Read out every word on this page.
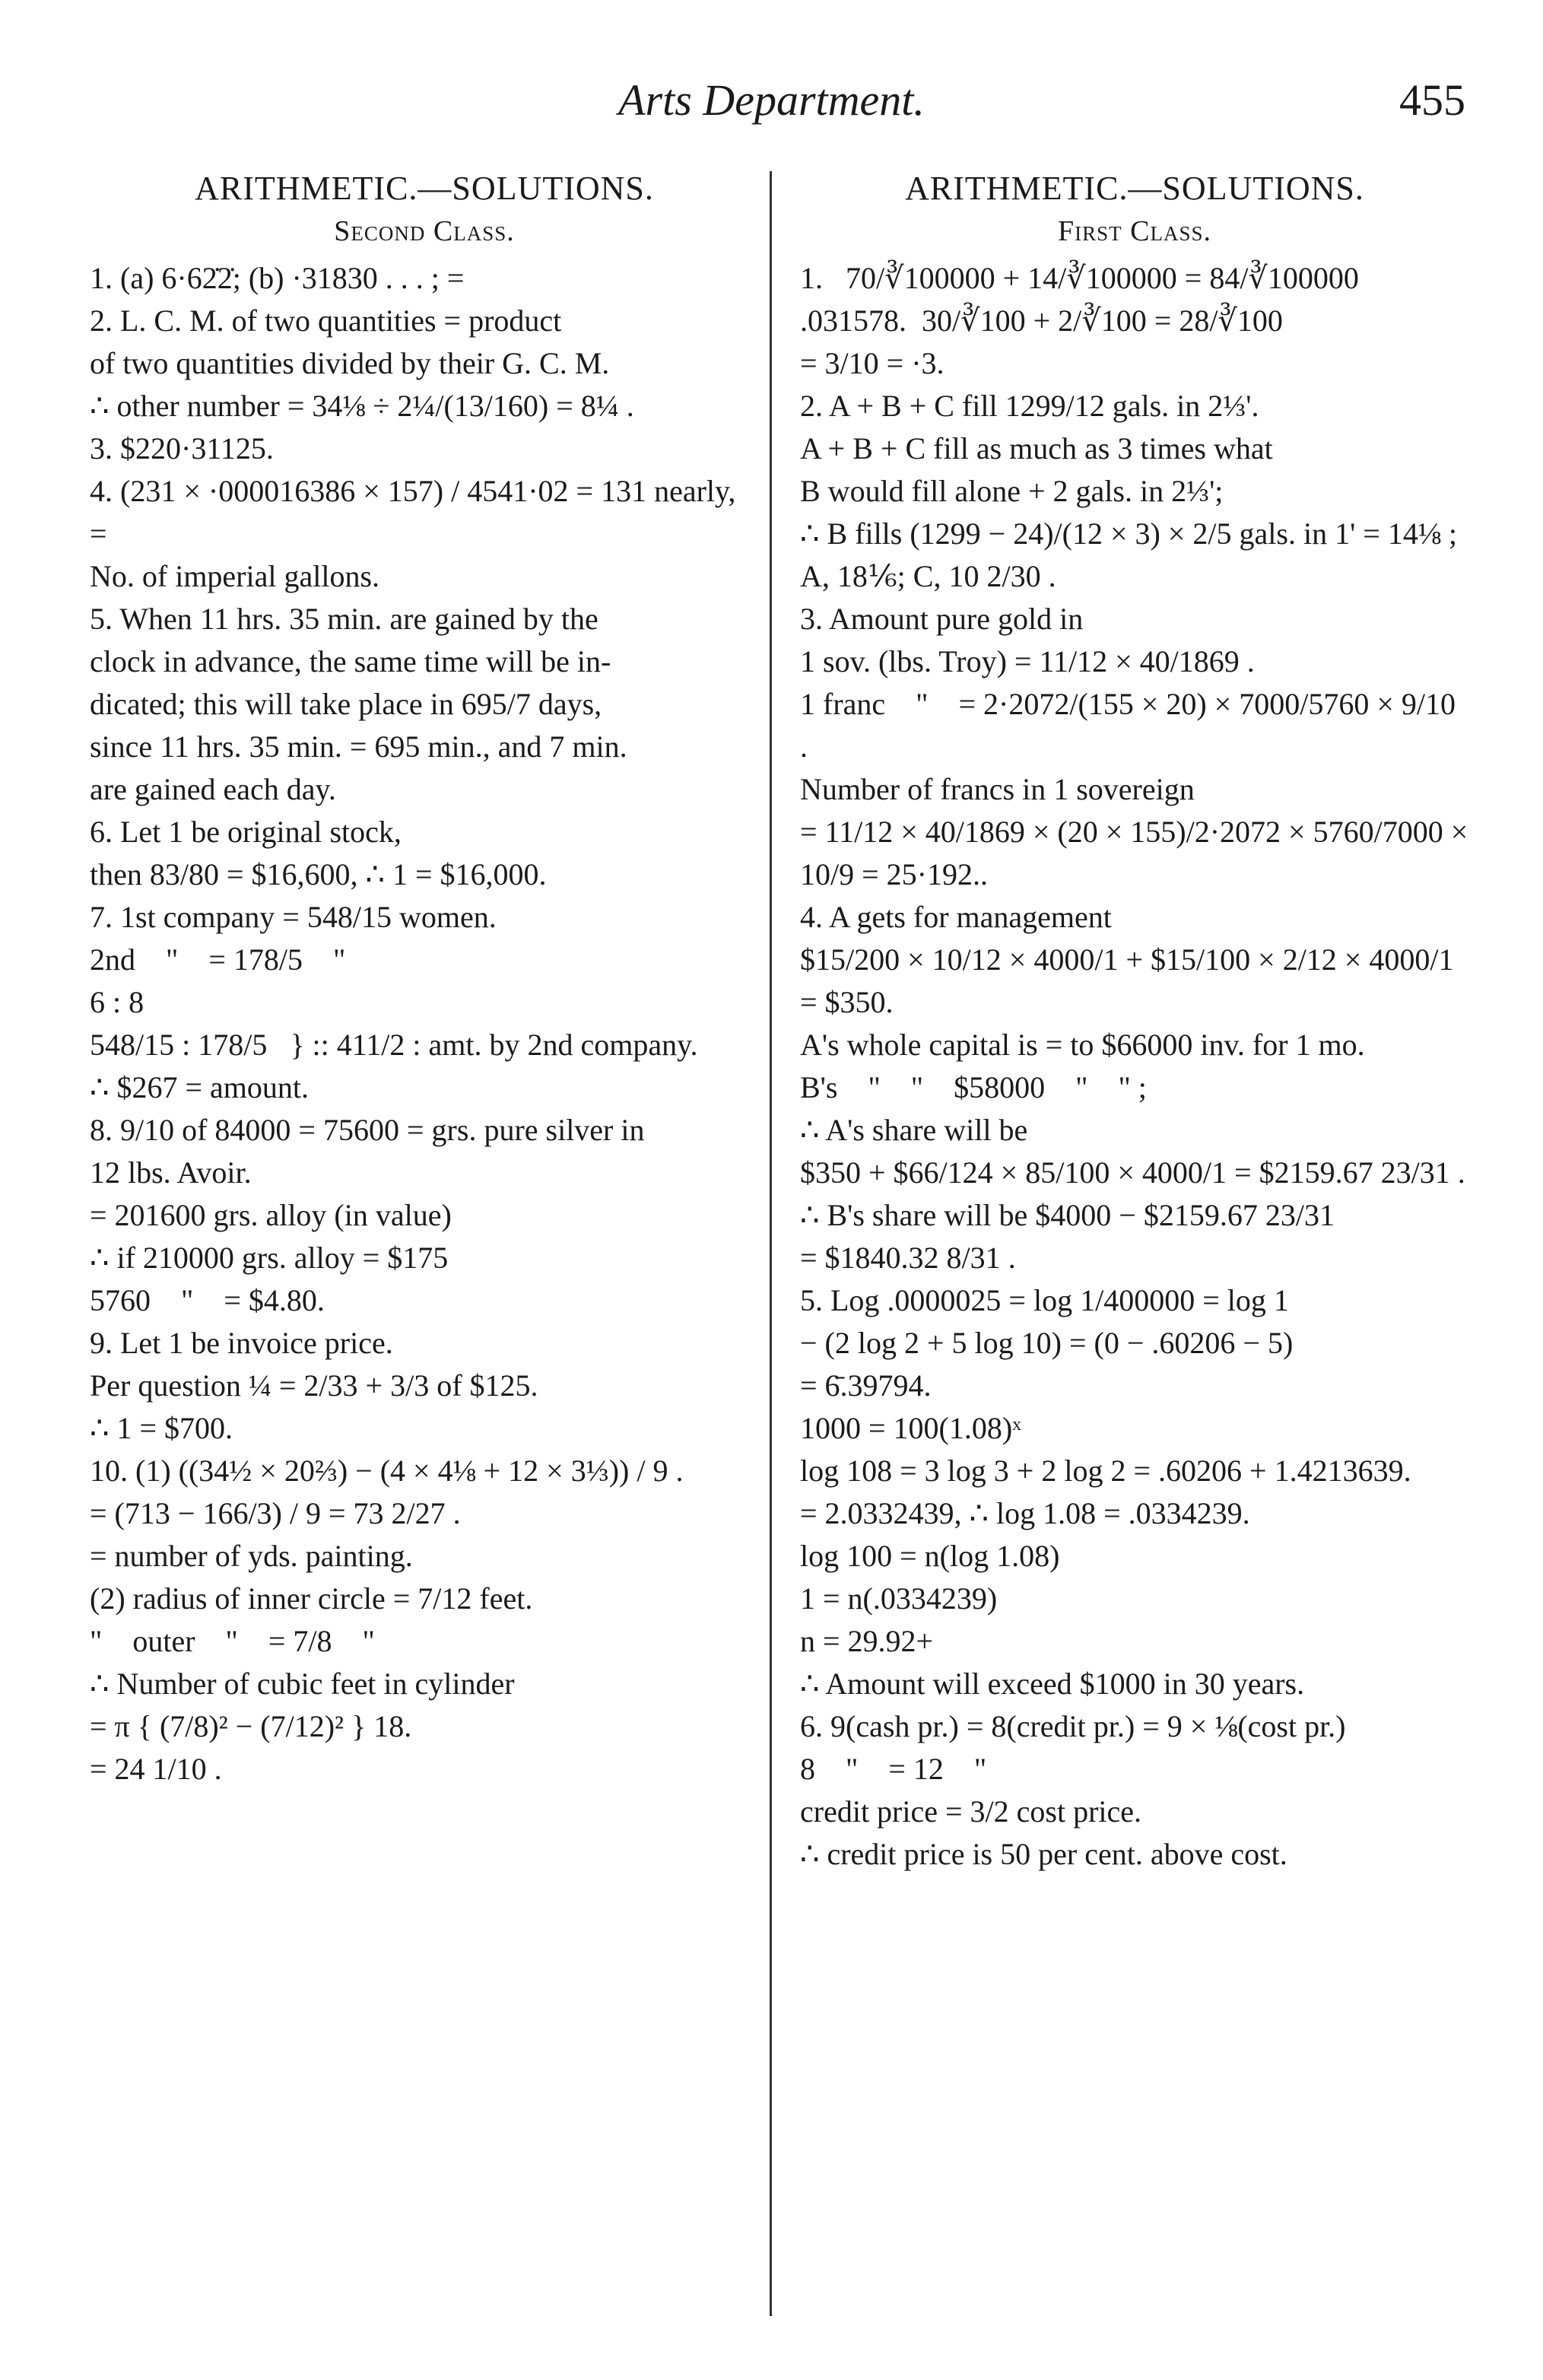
Arts Department.	455
ARITHMETIC.—SOLUTIONS.
Second Class.

1. (a) 6·62̇2̇; (b) ·31830 . . . ; =

2. L. C. M. of two quantities = product

of two quantities divided by their G. C. M.

∴ other number = 34⅛ ÷ 2¼/(13/160) = 8¼ .

3. $220·31125.

4. (231 × ·000016386 × 157) / 4541·02 = 131 nearly, =

No. of imperial gallons.

5. When 11 hrs. 35 min. are gained by the

clock in advance, the same time will be in-

dicated; this will take place in 695/7 days,

since 11 hrs. 35 min. = 695 min., and 7 min.

are gained each day.

6. Let 1 be original stock,

then 83/80 = $16,600, ∴ 1 = $16,000.

7. 1st company = 548/15 women.

2nd    "    = 178/5    "

6 : 8

548/15 : 178/5   } :: 411/2 : amt. by 2nd company.

∴ $267 = amount.

8. 9/10 of 84000 = 75600 = grs. pure silver in

12 lbs. Avoir.

= 201600 grs. alloy (in value)

∴ if 210000 grs. alloy = $175

5760    "    = $4.80.

9. Let 1 be invoice price.

Per question ¼ = 2/33 + 3/3 of $125.

∴ 1 = $700.

10. (1) ((34½ × 20⅔) − (4 × 4⅛ + 12 × 3⅓)) / 9 .

= (713 − 166/3) / 9 = 73 2/27 .

= number of yds. painting.

(2) radius of inner circle = 7/12 feet.

"    outer    "    = 7/8    "

∴ Number of cubic feet in cylinder

= π { (7/8)² − (7/12)² } 18.

= 24 1/10 .

ARITHMETIC.—SOLUTIONS.
First Class.

1.   70/∛100000 + 14/∛100000 = 84/∛100000

.031578.  30/∛100 + 2/∛100 = 28/∛100

= 3/10 = ·3.

2. A + B + C fill 1299/12 gals. in 2⅓'.

A + B + C fill as much as 3 times what

B would fill alone + 2 gals. in 2⅓';

∴ B fills (1299 − 24)/(12 × 3) × 2/5 gals. in 1' = 14⅛ ;

A, 18⅙; C, 10 2/30 .

3. Amount pure gold in

1 sov. (lbs. Troy) = 11/12 × 40/1869 .

1 franc    "    = 2·2072/(155 × 20) × 7000/5760 × 9/10 .

Number of francs in 1 sovereign

= 11/12 × 40/1869 × (20 × 155)/2·2072 × 5760/7000 × 10/9 = 25·192..

4. A gets for management

$15/200 × 10/12 × 4000/1 + $15/100 × 2/12 × 4000/1 = $350.

A's whole capital is = to $66000 inv. for 1 mo.

B's    "    "    $58000    "    " ;

∴ A's share will be

$350 + $66/124 × 85/100 × 4000/1 = $2159.67 23/31 .

∴ B's share will be $4000 − $2159.67 23/31

= $1840.32 8/31 .

5. Log .0000025 = log 1/400000 = log 1

− (2 log 2 + 5 log 10) = (0 − .60206 − 5)

= 6̄.39794.

1000 = 100(1.08)ˣ

log 108 = 3 log 3 + 2 log 2 = .60206 + 1.4213639.

= 2.0332439, ∴ log 1.08 = .0334239.

log 100 = n(log 1.08)

1 = n(.0334239)

n = 29.92+

∴ Amount will exceed $1000 in 30 years.

6. 9(cash pr.) = 8(credit pr.) = 9 × ⅛(cost pr.)

8    "    = 12    "

credit price = 3/2 cost price.

∴ credit price is 50 per cent. above cost.
